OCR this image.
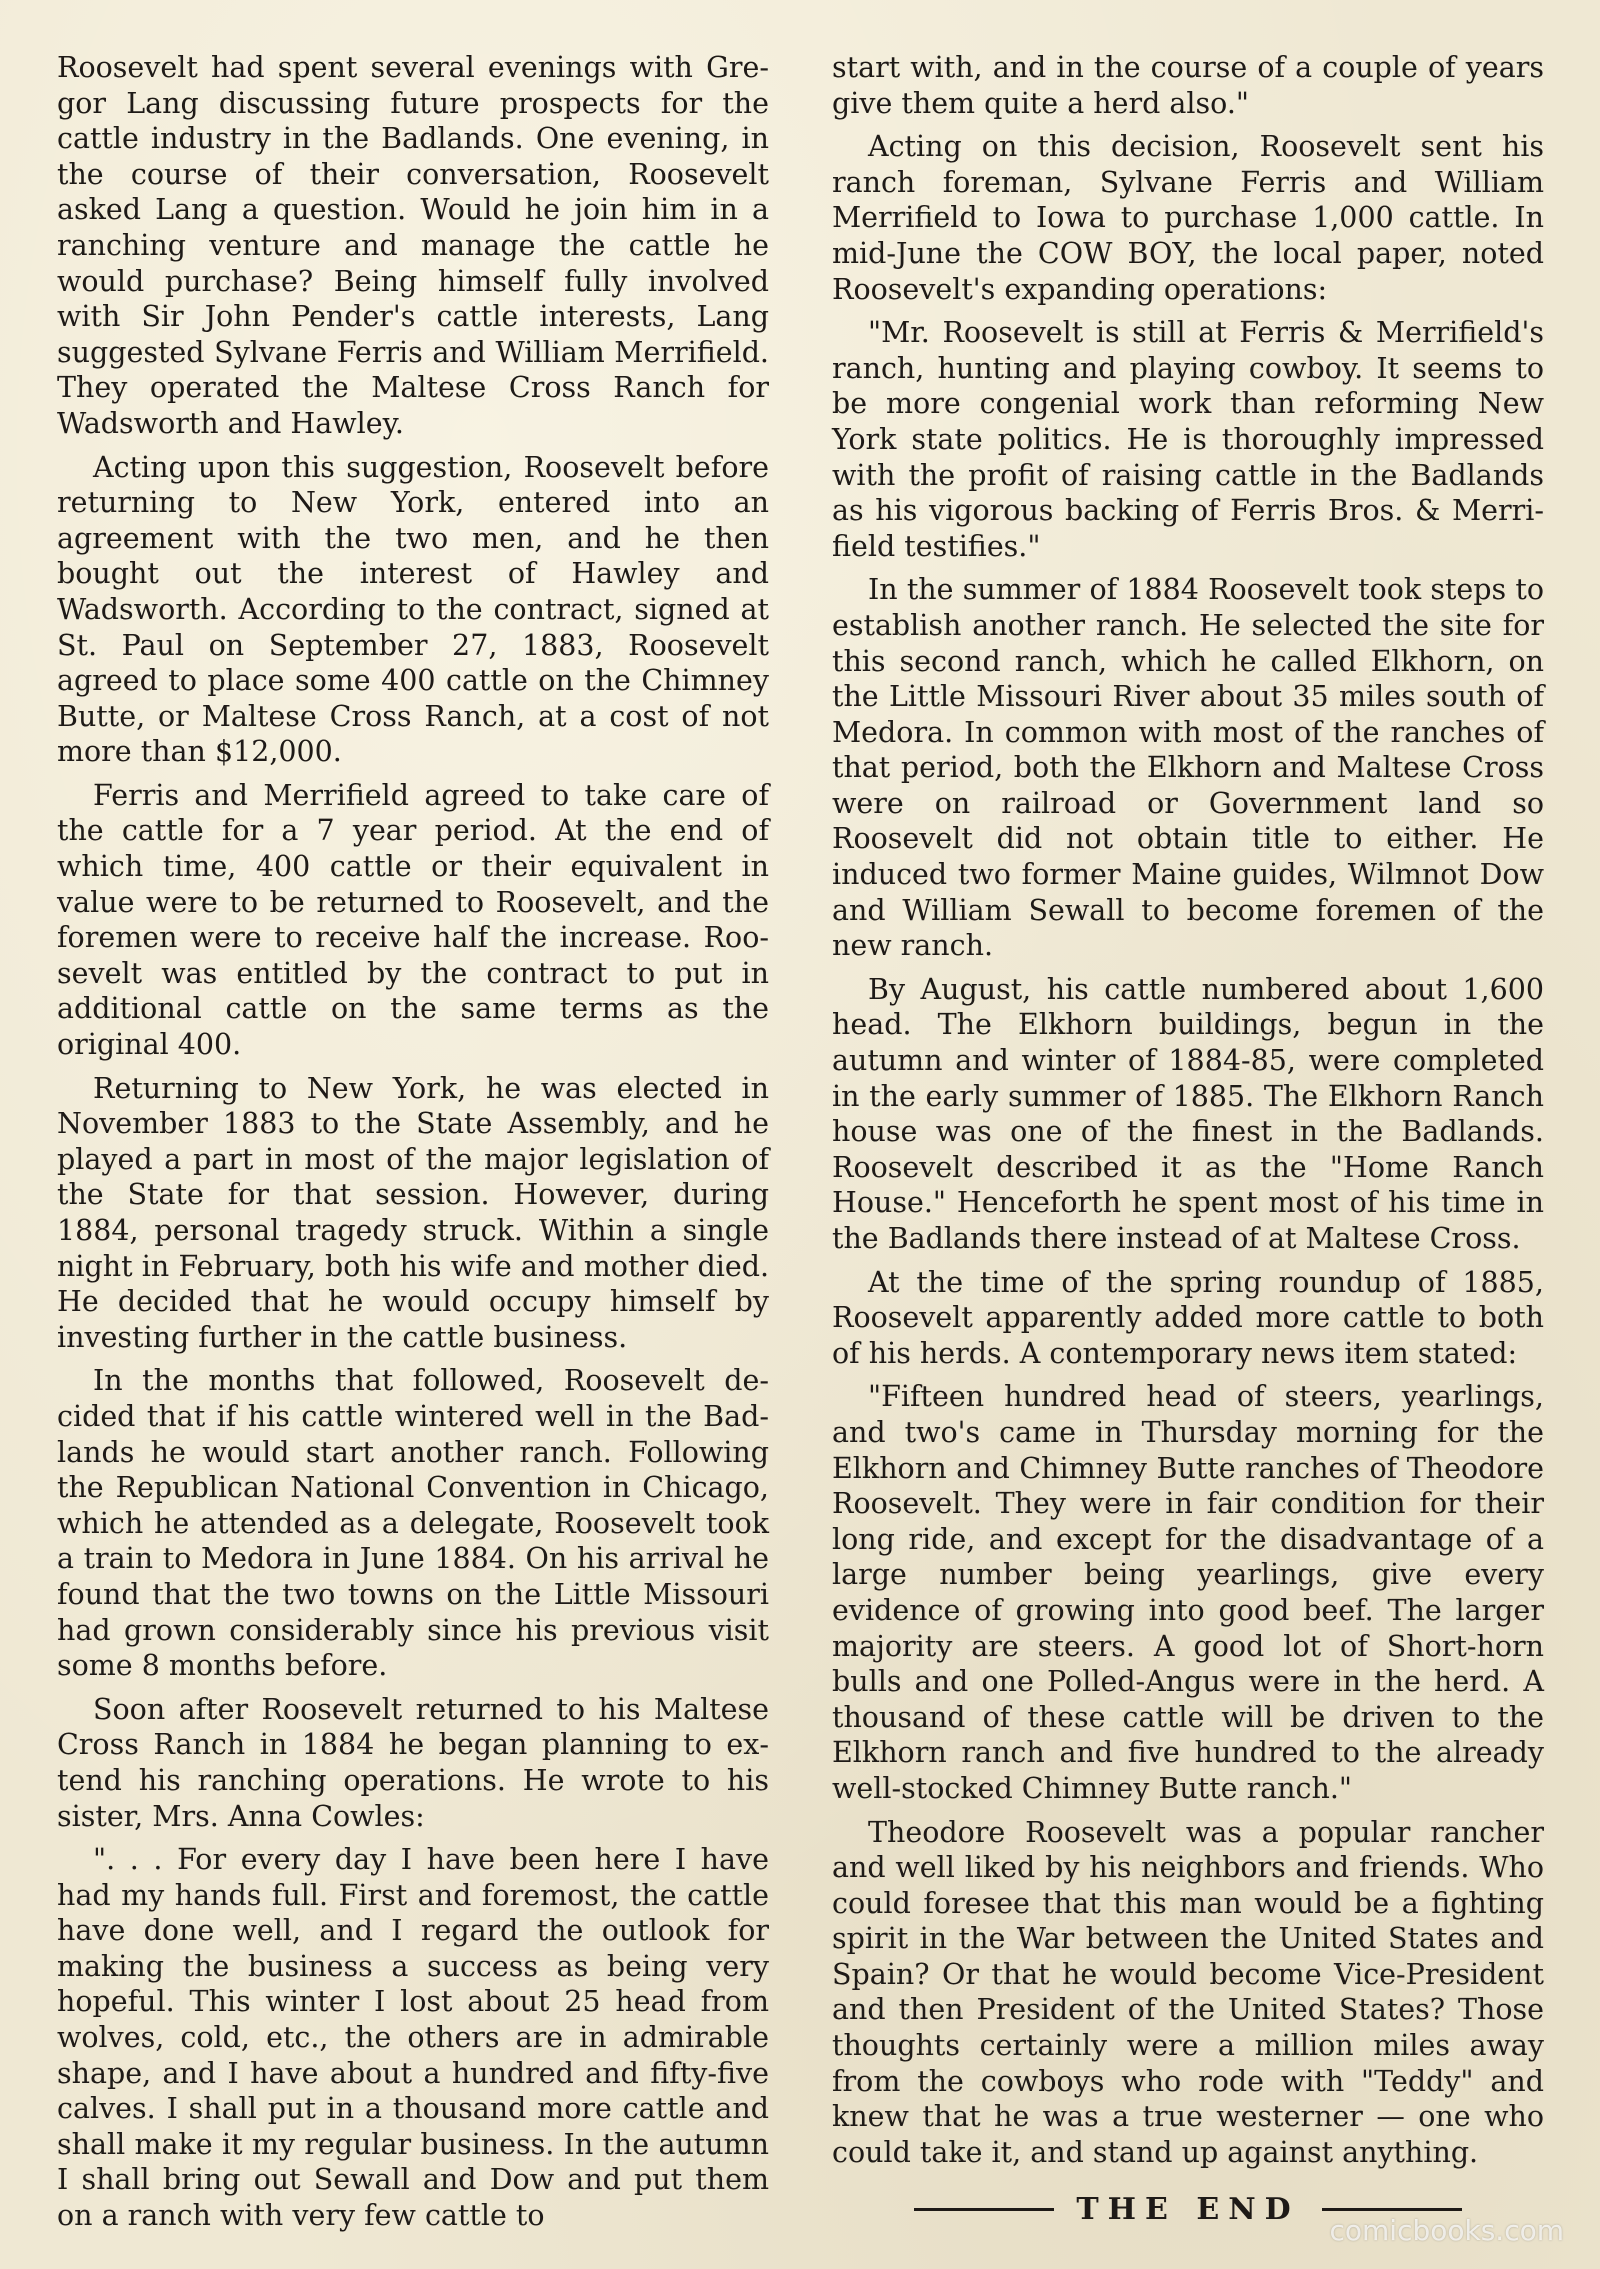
Roosevelt had spent several evenings with Gregor Lang discussing future prospects for the cattle industry in the Badlands. One evening, in the course of their conversation, Roosevelt asked Lang a question. Would he join him in a ranching venture and manage the cattle he would purchase? Being himself fully involved with Sir John Pender's cattle interests, Lang suggested Sylvane Ferris and William Merrifield. They operated the Maltese Cross Ranch for Wadsworth and Hawley.

Acting upon this suggestion, Roosevelt before returning to New York, entered into an agreement with the two men, and he then bought out the interest of Hawley and Wadsworth. According to the contract, signed at St. Paul on September 27, 1883, Roosevelt agreed to place some 400 cattle on the Chimney Butte, or Maltese Cross Ranch, at a cost of not more than $12,000.

Ferris and Merrifield agreed to take care of the cattle for a 7 year period. At the end of which time, 400 cattle or their equivalent in value were to be returned to Roosevelt, and the foremen were to receive half the increase. Roosevelt was entitled by the contract to put in additional cattle on the same terms as the original 400.

Returning to New York, he was elected in November 1883 to the State Assembly, and he played a part in most of the major legislation of the State for that session. However, during 1884, personal tragedy struck. Within a single night in February, both his wife and mother died. He decided that he would occupy himself by investing further in the cattle business.

In the months that followed, Roosevelt decided that if his cattle wintered well in the Badlands he would start another ranch. Following the Republican National Convention in Chicago, which he attended as a delegate, Roosevelt took a train to Medora in June 1884. On his arrival he found that the two towns on the Little Missouri had grown considerably since his previous visit some 8 months before.

Soon after Roosevelt returned to his Maltese Cross Ranch in 1884 he began planning to extend his ranching operations. He wrote to his sister, Mrs. Anna Cowles:

". . . For every day I have been here I have had my hands full. First and foremost, the cattle have done well, and I regard the outlook for making the business a success as being very hopeful. This winter I lost about 25 head from wolves, cold, etc., the others are in admirable shape, and I have about a hundred and fifty-five calves. I shall put in a thousand more cattle and shall make it my regular business. In the autumn I shall bring out Sewall and Dow and put them on a ranch with very few cattle to

start with, and in the course of a couple of years give them quite a herd also."

Acting on this decision, Roosevelt sent his ranch foreman, Sylvane Ferris and William Merrifield to Iowa to purchase 1,000 cattle. In mid-June the COW BOY, the local paper, noted Roosevelt's expanding operations:

"Mr. Roosevelt is still at Ferris & Merrifield's ranch, hunting and playing cowboy. It seems to be more congenial work than reforming New York state politics. He is thoroughly impressed with the profit of raising cattle in the Badlands as his vigorous backing of Ferris Bros. & Merrifield testifies."

In the summer of 1884 Roosevelt took steps to establish another ranch. He selected the site for this second ranch, which he called Elkhorn, on the Little Missouri River about 35 miles south of Medora. In common with most of the ranches of that period, both the Elkhorn and Maltese Cross were on railroad or Government land so Roosevelt did not obtain title to either. He induced two former Maine guides, Wilmnot Dow and William Sewall to become foremen of the new ranch.

By August, his cattle numbered about 1,600 head. The Elkhorn buildings, begun in the autumn and winter of 1884-85, were completed in the early summer of 1885. The Elkhorn Ranch house was one of the finest in the Badlands. Roosevelt described it as the "Home Ranch House." Henceforth he spent most of his time in the Badlands there instead of at Maltese Cross.

At the time of the spring roundup of 1885, Roosevelt apparently added more cattle to both of his herds. A contemporary news item stated:

"Fifteen hundred head of steers, yearlings, and two's came in Thursday morning for the Elkhorn and Chimney Butte ranches of Theodore Roosevelt. They were in fair condition for their long ride, and except for the disadvantage of a large number being yearlings, give every evidence of growing into good beef. The larger majority are steers. A good lot of Short-horn bulls and one Polled-Angus were in the herd. A thousand of these cattle will be driven to the Elkhorn ranch and five hundred to the already well-stocked Chimney Butte ranch."

Theodore Roosevelt was a popular rancher and well liked by his neighbors and friends. Who could foresee that this man would be a fighting spirit in the War between the United States and Spain? Or that he would become Vice-President and then President of the United States? Those thoughts certainly were a million miles away from the cowboys who rode with "Teddy" and knew that he was a true westerner — one who could take it, and stand up against anything.

THE END
comicbooks.com
